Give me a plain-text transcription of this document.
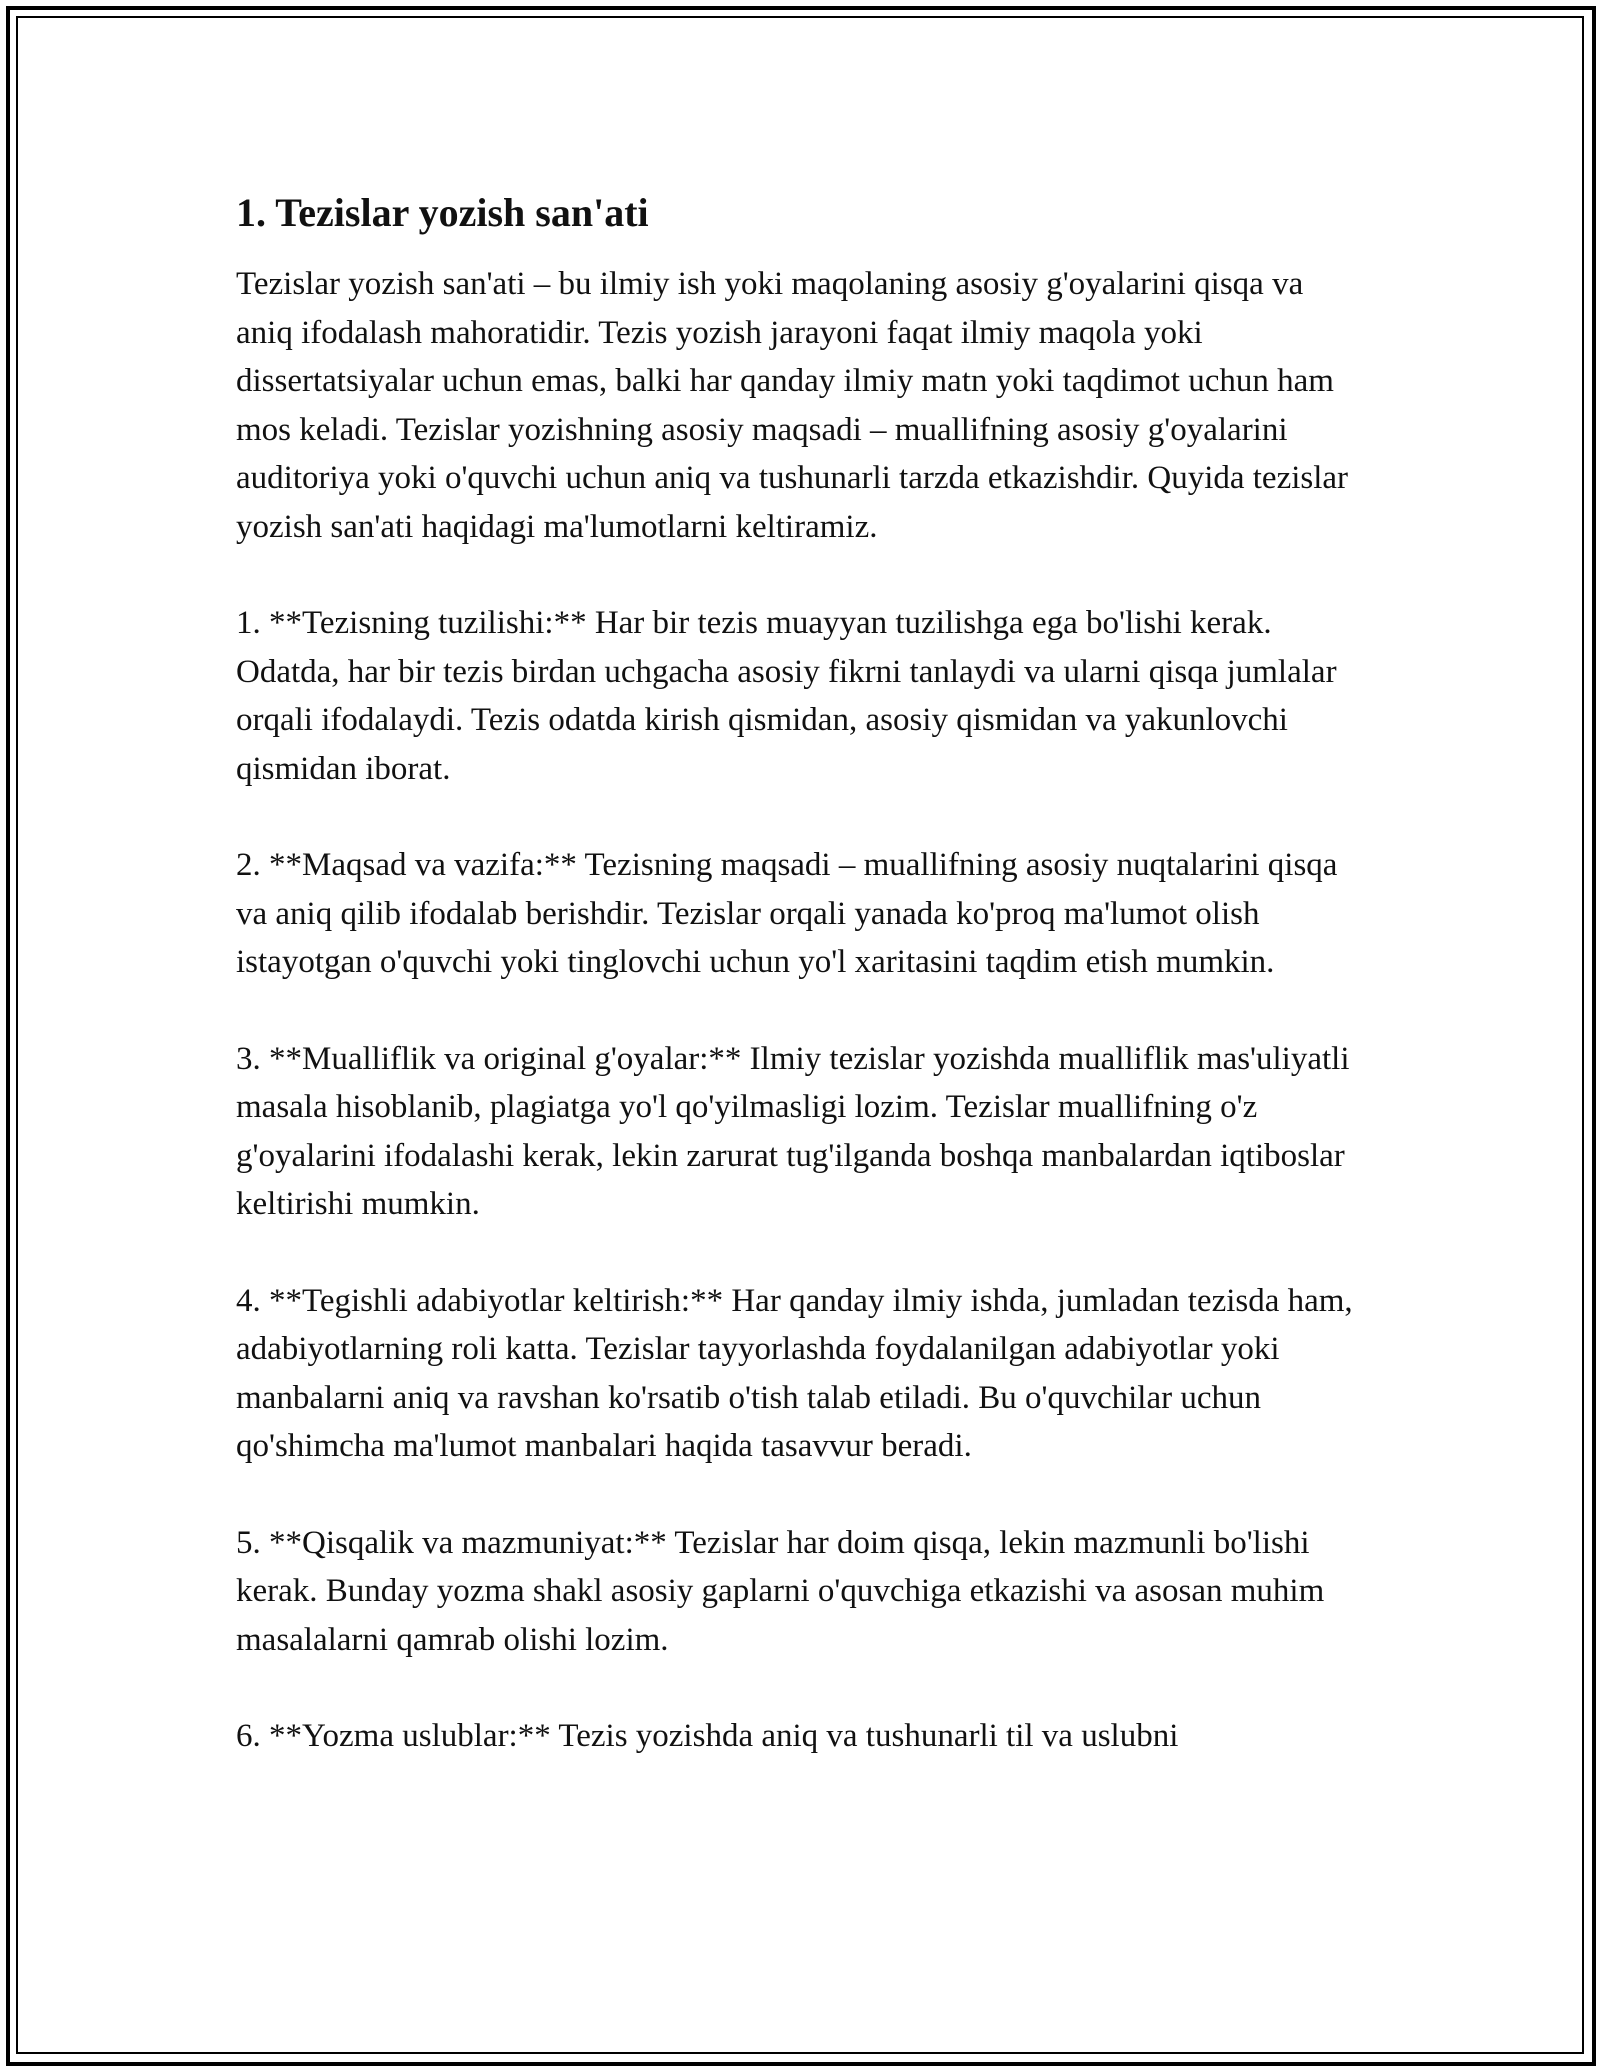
1. Tezislar yozish san'ati

Tezislar yozish san'ati – bu ilmiy ish yoki maqolaning asosiy g'oyalarini qisqa va aniq ifodalash mahoratidir. Tezis yozish jarayoni faqat ilmiy maqola yoki dissertatsiyalar uchun emas, balki har qanday ilmiy matn yoki taqdimot uchun ham mos keladi. Tezislar yozishning asosiy maqsadi – muallifning asosiy g'oyalarini auditoriya yoki o'quvchi uchun aniq va tushunarli tarzda etkazishdir. Quyida tezislar yozish san'ati haqidagi ma'lumotlarni keltiramiz.

1. **Tezisning tuzilishi:** Har bir tezis muayyan tuzilishga ega bo'lishi kerak. Odatda, har bir tezis birdan uchgacha asosiy fikrni tanlaydi va ularni qisqa jumlalar orqali ifodalaydi. Tezis odatda kirish qismidan, asosiy qismidan va yakunlovchi qismidan iborat.

2. **Maqsad va vazifa:** Tezisning maqsadi – muallifning asosiy nuqtalarini qisqa va aniq qilib ifodalab berishdir. Tezislar orqali yanada ko'proq ma'lumot olish istayotgan o'quvchi yoki tinglovchi uchun yo'l xaritasini taqdim etish mumkin.

3. **Mualliflik va original g'oyalar:** Ilmiy tezislar yozishda mualliflik mas'uliyatli masala hisoblanib, plagiatga yo'l qo'yilmasligi lozim. Tezislar muallifning o'z g'oyalarini ifodalashi kerak, lekin zarurat tug'ilganda boshqa manbalardan iqtiboslar keltirishi mumkin.

4. **Tegishli adabiyotlar keltirish:** Har qanday ilmiy ishda, jumladan tezisda ham, adabiyotlarning roli katta. Tezislar tayyorlashda foydalanilgan adabiyotlar yoki manbalarni aniq va ravshan ko'rsatib o'tish talab etiladi. Bu o'quvchilar uchun qo'shimcha ma'lumot manbalari haqida tasavvur beradi.

5. **Qisqalik va mazmuniyat:** Tezislar har doim qisqa, lekin mazmunli bo'lishi kerak. Bunday yozma shakl asosiy gaplarni o'quvchiga etkazishi va asosan muhim masalalarni qamrab olishi lozim.

6. **Yozma uslublar:** Tezis yozishda aniq va tushunarli til va uslubni
